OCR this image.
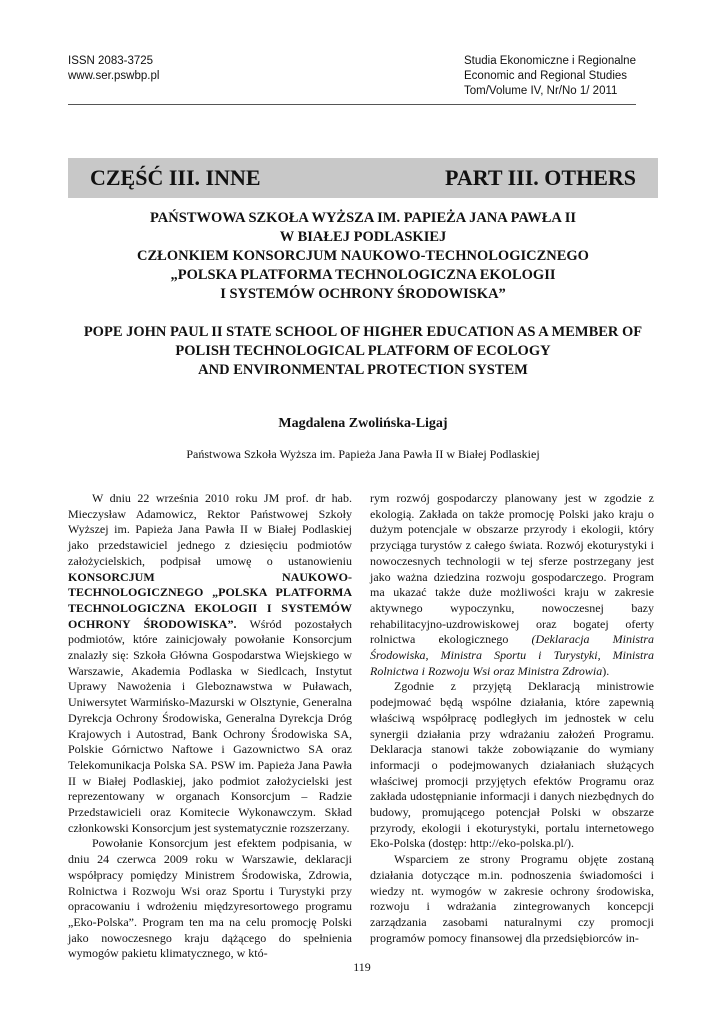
ISSN 2083-3725
www.ser.pswbp.pl
Studia Ekonomiczne i Regionalne
Economic and Regional Studies
Tom/Volume IV, Nr/No 1/ 2011
CZĘŚĆ III. INNE	PART III. OTHERS
PAŃSTWOWA SZKOŁA WYŻSZA IM. PAPIEŻA JANA PAWŁA II
W BIAŁEJ PODLASKIEJ
CZŁONKIEM KONSORCJUM NAUKOWO-TECHNOLOGICZNEGO
„POLSKA PLATFORMA TECHNOLOGICZNA EKOLOGII
I SYSTEMÓW OCHRONY ŚRODOWISKA”
POPE JOHN PAUL II STATE SCHOOL OF HIGHER EDUCATION AS A MEMBER OF
POLISH TECHNOLOGICAL PLATFORM OF ECOLOGY
AND ENVIRONMENTAL PROTECTION SYSTEM
Magdalena Zwolińska-Ligaj
Państwowa Szkoła Wyższa im. Papieża Jana Pawła II w Białej Podlaskiej

W dniu 22 września 2010 roku JM prof. dr hab. Mieczysław Adamowicz, Rektor Państwowej Szkoły Wyższej im. Papieża Jana Pawła II w Białej Podlaskiej jako przedstawiciel jednego z dziesięciu podmiotów założycielskich, podpisał umowę o ustanowieniu KONSORCJUM NAUKOWO-TECHNOLOGICZNEGO „POLSKA PLATFORMA TECHNOLOGICZNA EKOLOGII I SYSTEMÓW OCHRONY ŚRODOWISKA”. Wśród pozostałych podmiotów, które zainicjowały powołanie Konsorcjum znalazły się: Szkoła Główna Gospodarstwa Wiejskiego w Warszawie, Akademia Podlaska w Siedlcach, Instytut Uprawy Nawożenia i Gleboznawstwa w Puławach, Uniwersytet Warmińsko-Mazurski w Olsztynie, Generalna Dyrekcja Ochrony Środowiska, Generalna Dyrekcja Dróg Krajowych i Autostrad, Bank Ochrony Środowiska SA, Polskie Górnictwo Naftowe i Gazownictwo SA oraz Telekomunikacja Polska SA. PSW im. Papieża Jana Pawła II w Białej Podlaskiej, jako podmiot założycielski jest reprezentowany w organach Konsorcjum – Radzie Przedstawicieli oraz Komitecie Wykonawczym. Skład członkowski Konsorcjum jest systematycznie rozszerzany.

Powołanie Konsorcjum jest efektem podpisania, w dniu 24 czerwca 2009 roku w Warszawie, deklaracji współpracy pomiędzy Ministrem Środowiska, Zdrowia, Rolnictwa i Rozwoju Wsi oraz Sportu i Turystyki przy opracowaniu i wdrożeniu międzyresortowego programu „Eko-Polska”. Program ten ma na celu promocję Polski jako nowoczesnego kraju dążącego do spełnienia wymogów pakietu klimatycznego, w któ-

rym rozwój gospodarczy planowany jest w zgodzie z ekologią. Zakłada on także promocję Polski jako kraju o dużym potencjale w obszarze przyrody i ekologii, który przyciąga turystów z całego świata. Rozwój ekoturystyki i nowoczesnych technologii w tej sferze postrzegany jest jako ważna dziedzina rozwoju gospodarczego. Program ma ukazać także duże możliwości kraju w zakresie aktywnego wypoczynku, nowoczesnej bazy rehabilitacyjno-uzdrowiskowej oraz bogatej oferty rolnictwa ekologicznego (Deklaracja Ministra Środowiska, Ministra Sportu i Turystyki, Ministra Rolnictwa i Rozwoju Wsi oraz Ministra Zdrowia).

Zgodnie z przyjętą Deklaracją ministrowie podejmować będą wspólne działania, które zapewnią właściwą współpracę podległych im jednostek w celu synergii działania przy wdrażaniu założeń Programu. Deklaracja stanowi także zobowiązanie do wymiany informacji o podejmowanych działaniach służących właściwej promocji przyjętych efektów Programu oraz zakłada udostępnianie informacji i danych niezbędnych do budowy, promującego potencjał Polski w obszarze przyrody, ekologii i ekoturystyki, portalu internetowego Eko-Polska (dostęp: http://eko-polska.pl/).

Wsparciem ze strony Programu objęte zostaną działania dotyczące m.in. podnoszenia świadomości i wiedzy nt. wymogów w zakresie ochrony środowiska, rozwoju i wdrażania zintegrowanych koncepcji zarządzania zasobami naturalnymi czy promocji programów pomocy finansowej dla przedsiębiorców in-

119
